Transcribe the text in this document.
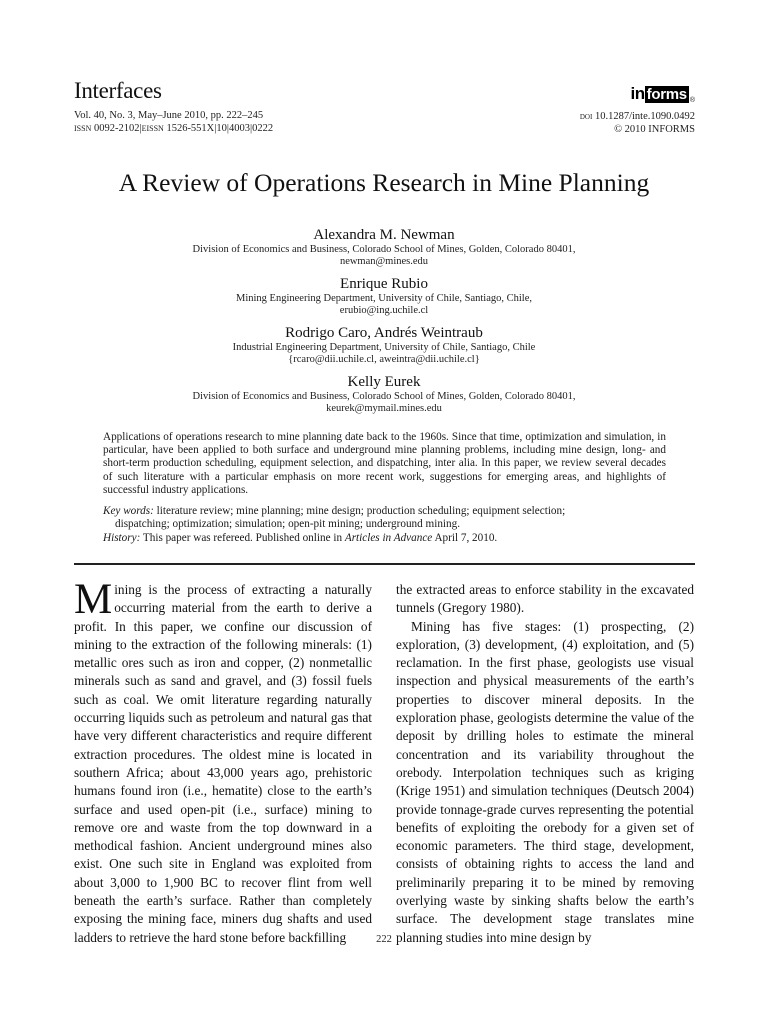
Interfaces
Vol. 40, No. 3, May–June 2010, pp. 222–245
issn 0092-2102|eissn 1526-551X|10|4003|0222
in forms ®
doi 10.1287/inte.1090.0492
© 2010 INFORMS
A Review of Operations Research in Mine Planning
Alexandra M. Newman
Division of Economics and Business, Colorado School of Mines, Golden, Colorado 80401,
newman@mines.edu
Enrique Rubio
Mining Engineering Department, University of Chile, Santiago, Chile,
erubio@ing.uchile.cl
Rodrigo Caro, Andrés Weintraub
Industrial Engineering Department, University of Chile, Santiago, Chile
{rcaro@dii.uchile.cl, aweintra@dii.uchile.cl}
Kelly Eurek
Division of Economics and Business, Colorado School of Mines, Golden, Colorado 80401,
keurek@mymail.mines.edu
Applications of operations research to mine planning date back to the 1960s. Since that time, optimization and simulation, in particular, have been applied to both surface and underground mine planning problems, including mine design, long- and short-term production scheduling, equipment selection, and dispatching, inter alia. In this paper, we review several decades of such literature with a particular emphasis on more recent work, suggestions for emerging areas, and highlights of successful industry applications.
Key words: literature review; mine planning; mine design; production scheduling; equipment selection;
dispatching; optimization; simulation; open-pit mining; underground mining.
History: This paper was refereed. Published online in Articles in Advance April 7, 2010.

Mining is the process of extracting a naturally occurring material from the earth to derive a profit. In this paper, we confine our discussion of mining to the extraction of the following minerals: (1) metallic ores such as iron and copper, (2) nonmetallic minerals such as sand and gravel, and (3) fossil fuels such as coal. We omit literature regarding naturally occurring liquids such as petroleum and natural gas that have very different characteristics and require different extraction procedures. The oldest mine is located in southern Africa; about 43,000 years ago, prehistoric humans found iron (i.e., hematite) close to the earth’s surface and used open-pit (i.e., surface) mining to remove ore and waste from the top downward in a methodical fashion. Ancient underground mines also exist. One such site in England was exploited from about 3,000 to 1,900 BC to recover flint from well beneath the earth’s surface. Rather than completely exposing the mining face, miners dug shafts and used ladders to retrieve the hard stone before backfilling

the extracted areas to enforce stability in the excavated tunnels (Gregory 1980).

Mining has five stages: (1) prospecting, (2) exploration, (3) development, (4) exploitation, and (5) reclamation. In the first phase, geologists use visual inspection and physical measurements of the earth’s properties to discover mineral deposits. In the exploration phase, geologists determine the value of the deposit by drilling holes to estimate the mineral concentration and its variability throughout the orebody. Interpolation techniques such as kriging (Krige 1951) and simulation techniques (Deutsch 2004) provide tonnage-grade curves representing the potential benefits of exploiting the orebody for a given set of economic parameters. The third stage, development, consists of obtaining rights to access the land and preliminarily preparing it to be mined by removing overlying waste by sinking shafts below the earth’s surface. The development stage translates mine planning studies into mine design by

222
